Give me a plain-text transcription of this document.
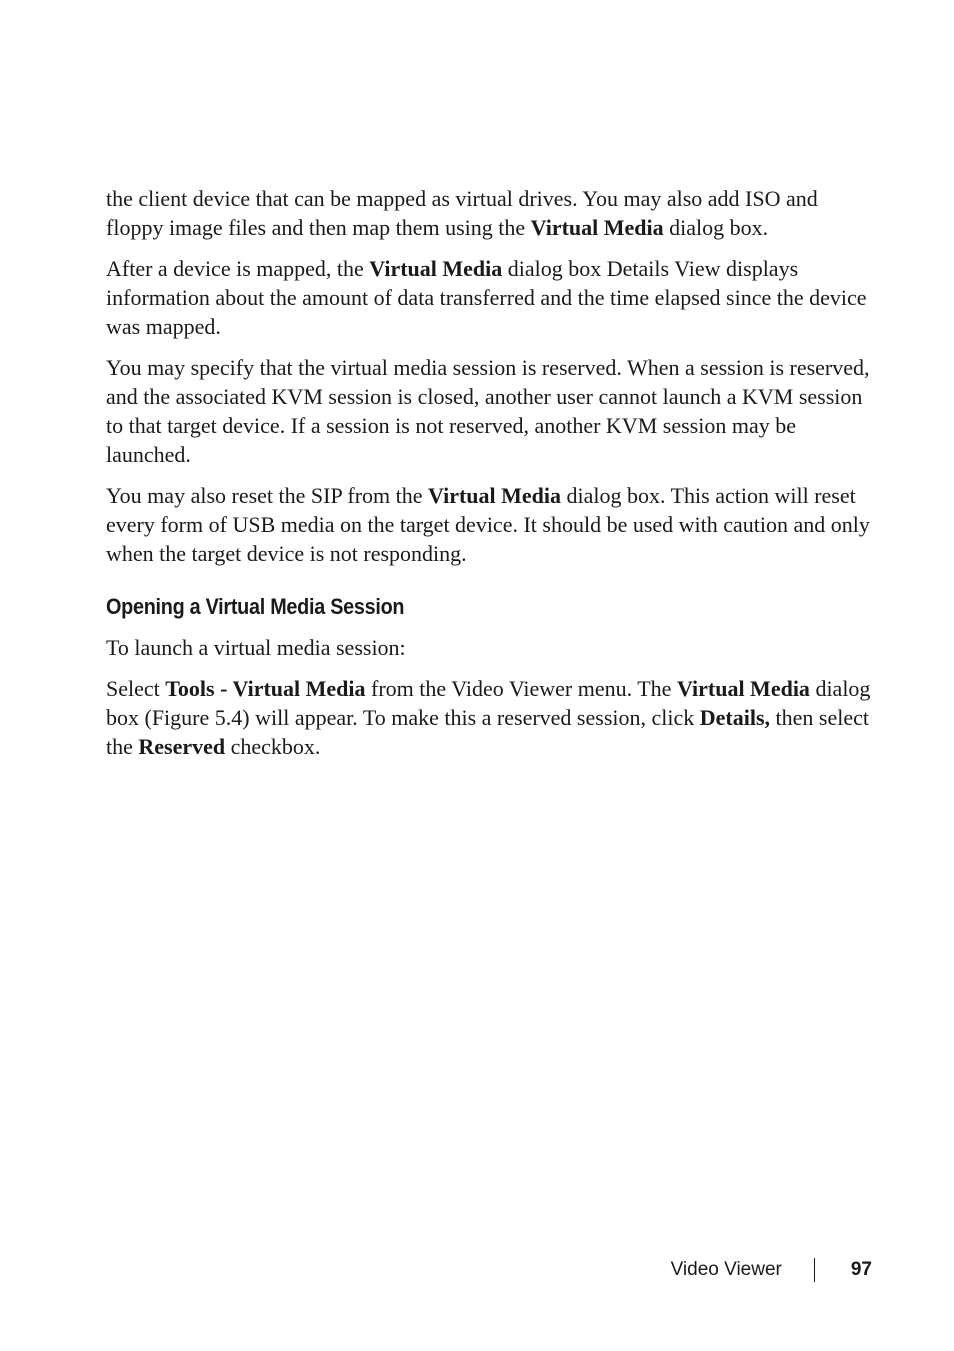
the client device that can be mapped as virtual drives. You may also add ISO and floppy image files and then map them using the Virtual Media dialog box.

After a device is mapped, the Virtual Media dialog box Details View displays information about the amount of data transferred and the time elapsed since the device was mapped.

You may specify that the virtual media session is reserved. When a session is reserved, and the associated KVM session is closed, another user cannot launch a KVM session to that target device. If a session is not reserved, another KVM session may be launched.

You may also reset the SIP from the Virtual Media dialog box. This action will reset every form of USB media on the target device. It should be used with caution and only when the target device is not responding.

Opening a Virtual Media Session

To launch a virtual media session:

Select Tools - Virtual Media from the Video Viewer menu. The Virtual Media dialog box (Figure 5.4) will appear. To make this a reserved session, click Details, then select the Reserved checkbox.

Video Viewer	97
